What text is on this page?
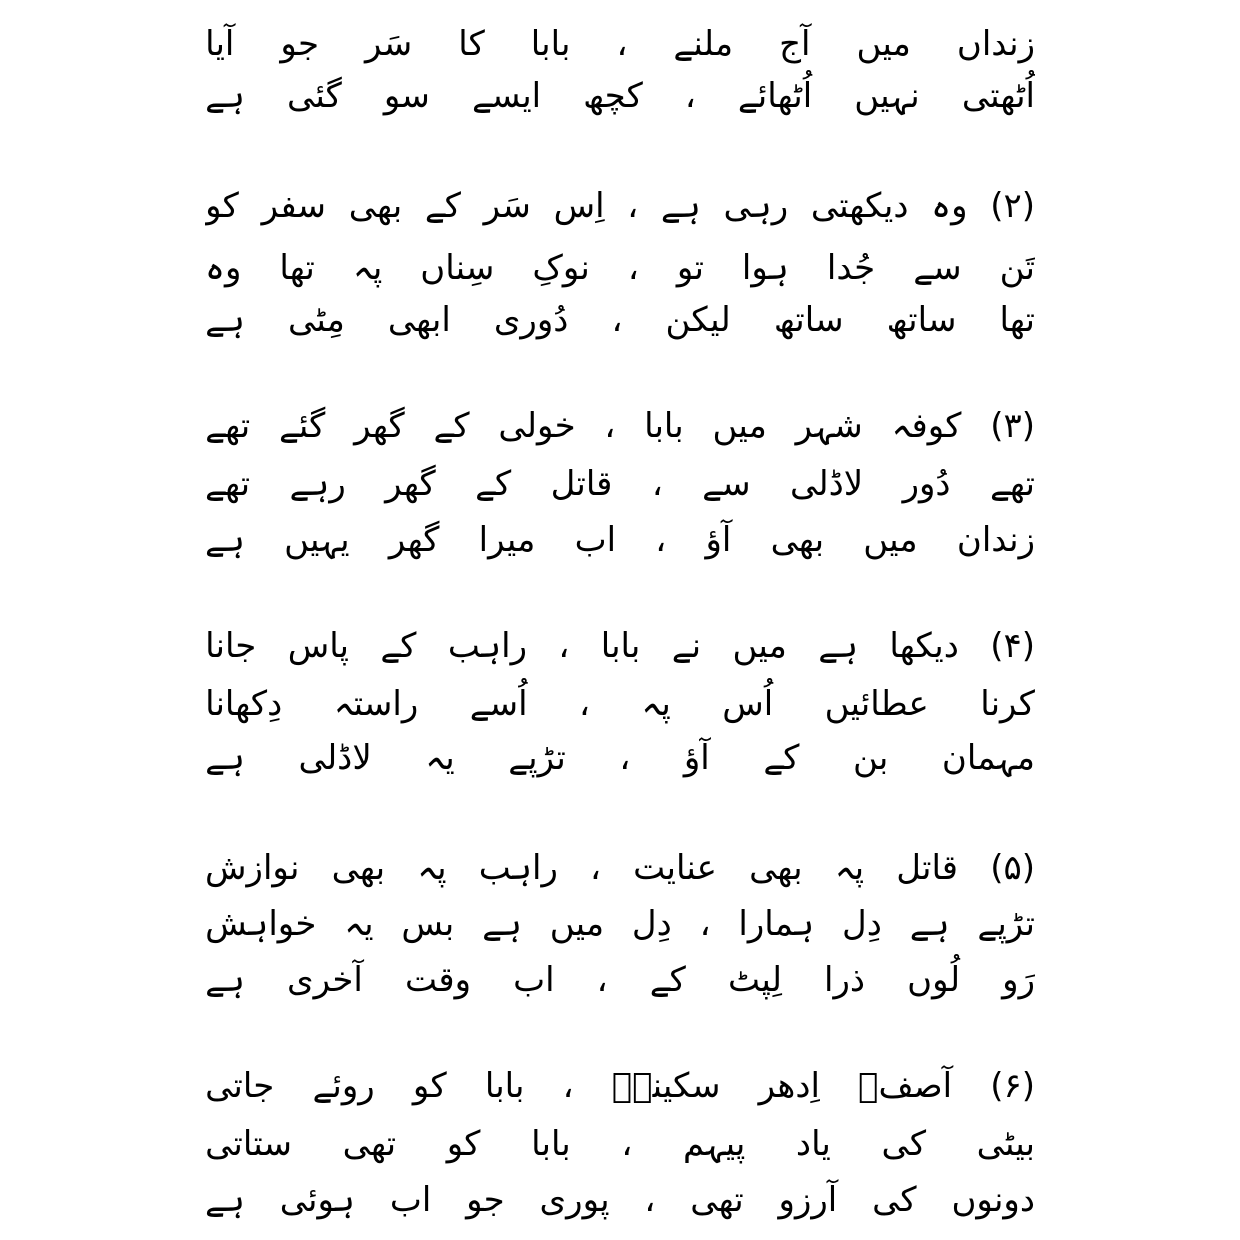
زنداں
میں
آج
ملنے
،
بابا
کا
سَر
جو
آیا
اُٹھتی
نہیں
اُٹھائے
،
کچھ
ایسے
سو
گئی
ہے
(۲)
وہ
دیکھتی
رہی
ہے
،
اِس
سَر
کے
بھی
سفر
کو
تَن
سے
جُدا
ہوا
تو
،
نوکِ
سِناں
پہ
تھا
وہ
تھا
ساتھ
ساتھ
لیکن
،
دُوری
ابھی
مِٹی
ہے
(۳)
کوفہ
شہر
میں
بابا
،
خولی
کے
گھر
گئے
تھے
تھے
دُور
لاڈلی
سے
،
قاتل
کے
گھر
رہے
تھے
زندان
میں
بھی
آؤ
،
اب
میرا
گھر
یہیں
ہے
(۴)
دیکھا
ہے
میں
نے
بابا
،
راہب
کے
پاس
جانا
کرنا
عطائیں
اُس
پہ
،
اُسے
راستہ
دِکھانا
مہمان
بن
کے
آؤ
،
تڑپے
یہ
لاڈلی
ہے
(۵)
قاتل
پہ
بھی
عنایت
،
راہب
پہ
بھی
نوازش
تڑپے
ہے
دِل
ہمارا
،
دِل
میں
ہے
بس
یہ
خواہش
رَو
لُوں
ذرا
لِپٹ
کے
،
اب
وقت
آخری
ہے
(۶)
آصفؔ
اِدھر
سکینہؑ
،
بابا
کو
روئے
جاتی
بیٹی
کی
یاد
پیہم
،
بابا
کو
تھی
ستاتی
دونوں
کی
آرزو
تھی
،
پوری
جو
اب
ہوئی
ہے
